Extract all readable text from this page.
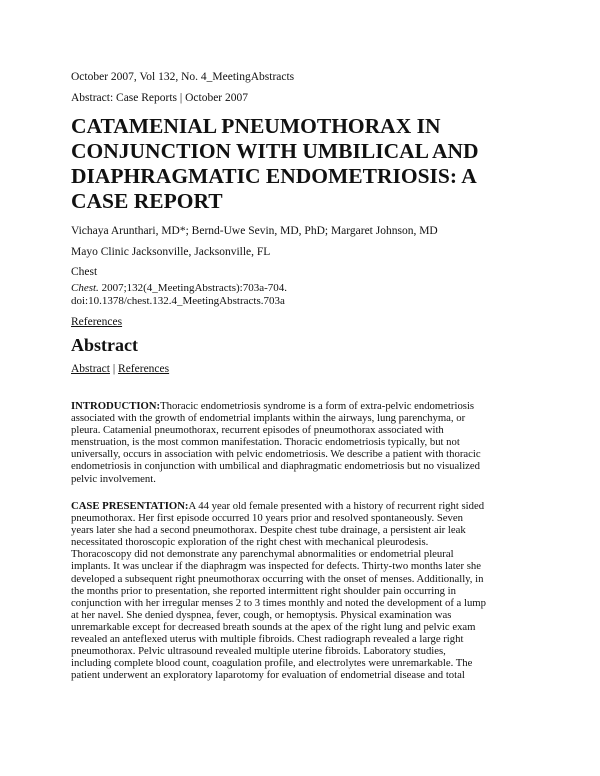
October 2007, Vol 132, No. 4_MeetingAbstracts
Abstract: Case Reports | October 2007
CATAMENIAL PNEUMOTHORAX IN
CONJUNCTION WITH UMBILICAL AND
DIAPHRAGMATIC ENDOMETRIOSIS: A
CASE REPORT
Vichaya Arunthari, MD*; Bernd-Uwe Sevin, MD, PhD; Margaret Johnson, MD
Mayo Clinic Jacksonville, Jacksonville, FL
Chest
Chest. 2007;132(4_MeetingAbstracts):703a-704.
doi:10.1378/chest.132.4_MeetingAbstracts.703a
References
Abstract
Abstract | References
INTRODUCTION:Thoracic endometriosis syndrome is a form of extra-pelvic endometriosis
associated with the growth of endometrial implants within the airways, lung parenchyma, or
pleura. Catamenial pneumothorax, recurrent episodes of pneumothorax associated with
menstruation, is the most common manifestation. Thoracic endometriosis typically, but not
universally, occurs in association with pelvic endometriosis. We describe a patient with thoracic
endometriosis in conjunction with umbilical and diaphragmatic endometriosis but no visualized
pelvic involvement.
CASE PRESENTATION:A 44 year old female presented with a history of recurrent right sided
pneumothorax. Her first episode occurred 10 years prior and resolved spontaneously. Seven
years later she had a second pneumothorax. Despite chest tube drainage, a persistent air leak
necessitated thoroscopic exploration of the right chest with mechanical pleurodesis.
Thoracoscopy did not demonstrate any parenchymal abnormalities or endometrial pleural
implants. It was unclear if the diaphragm was inspected for defects. Thirty-two months later she
developed a subsequent right pneumothorax occurring with the onset of menses. Additionally, in
the months prior to presentation, she reported intermittent right shoulder pain occurring in
conjunction with her irregular menses 2 to 3 times monthly and noted the development of a lump
at her navel. She denied dyspnea, fever, cough, or hemoptysis. Physical examination was
unremarkable except for decreased breath sounds at the apex of the right lung and pelvic exam
revealed an anteflexed uterus with multiple fibroids. Chest radiograph revealed a large right
pneumothorax. Pelvic ultrasound revealed multiple uterine fibroids. Laboratory studies,
including complete blood count, coagulation profile, and electrolytes were unremarkable. The
patient underwent an exploratory laparotomy for evaluation of endometrial disease and total
